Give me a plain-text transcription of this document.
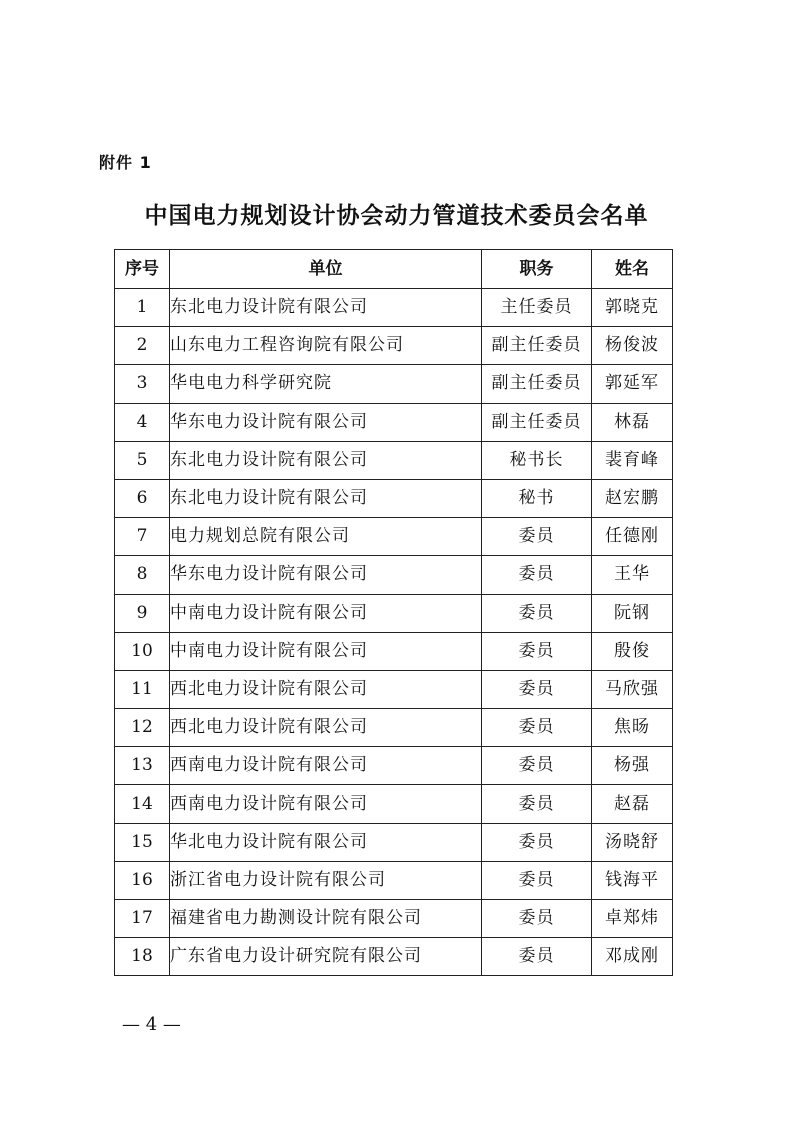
附件 1
中国电力规划设计协会动力管道技术委员会名单
序号	单位	职务	姓名
1	东北电力设计院有限公司	主任委员	郭晓克
2	山东电力工程咨询院有限公司	副主任委员	杨俊波
3	华电电力科学研究院	副主任委员	郭延军
4	华东电力设计院有限公司	副主任委员	林磊
5	东北电力设计院有限公司	秘书长	裴育峰
6	东北电力设计院有限公司	秘书	赵宏鹏
7	电力规划总院有限公司	委员	任德刚
8	华东电力设计院有限公司	委员	王华
9	中南电力设计院有限公司	委员	阮钢
10	中南电力设计院有限公司	委员	殷俊
11	西北电力设计院有限公司	委员	马欣强
12	西北电力设计院有限公司	委员	焦旸
13	西南电力设计院有限公司	委员	杨强
14	西南电力设计院有限公司	委员	赵磊
15	华北电力设计院有限公司	委员	汤晓舒
16	浙江省电力设计院有限公司	委员	钱海平
17	福建省电力勘测设计院有限公司	委员	卓郑炜
18	广东省电力设计研究院有限公司	委员	邓成刚
— 4 —
